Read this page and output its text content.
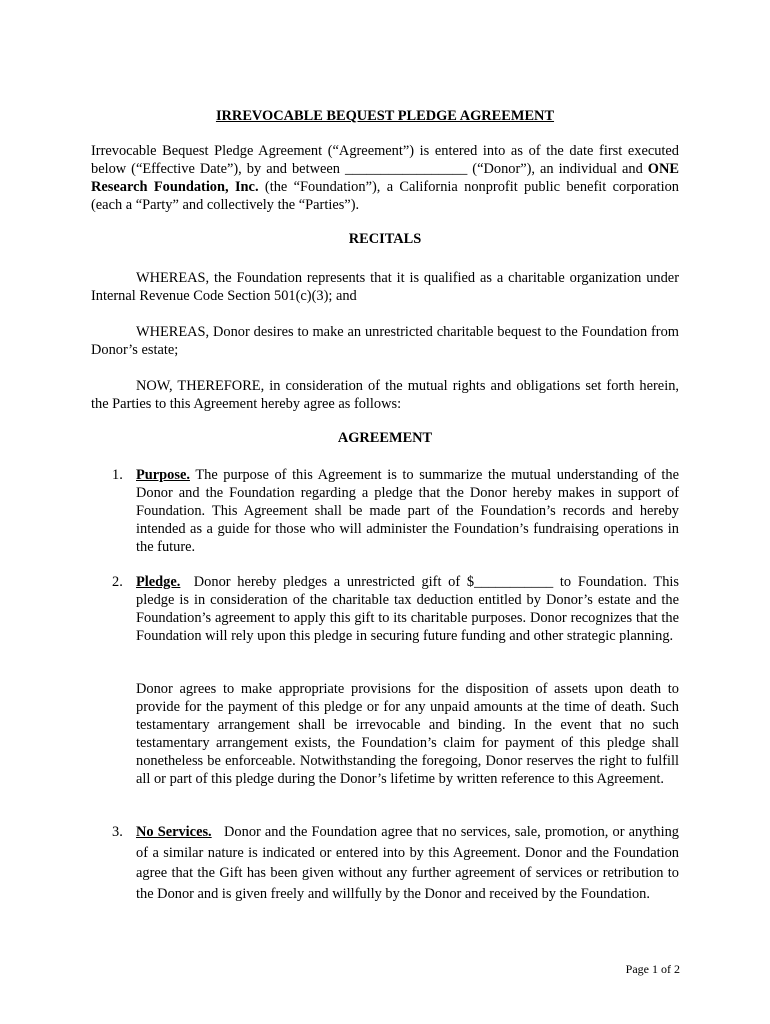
IRREVOCABLE BEQUEST PLEDGE AGREEMENT

Irrevocable Bequest Pledge Agreement (“Agreement”) is entered into as of the date first executed below (“Effective Date”), by and between _________________ (“Donor”), an individual and ONE Research Foundation, Inc. (the “Foundation”), a California nonprofit public benefit corporation (each a “Party” and collectively the “Parties”).

RECITALS

WHEREAS, the Foundation represents that it is qualified as a charitable organization under Internal Revenue Code Section 501(c)(3); and

WHEREAS, Donor desires to make an unrestricted charitable bequest to the Foundation from Donor’s estate;

NOW, THEREFORE, in consideration of the mutual rights and obligations set forth herein, the Parties to this Agreement hereby agree as follows:

AGREEMENT
1. Purpose. The purpose of this Agreement is to summarize the mutual understanding of the Donor and the Foundation regarding a pledge that the Donor hereby makes in support of Foundation. This Agreement shall be made part of the Foundation’s records and hereby intended as a guide for those who will administer the Foundation’s fundraising operations in the future.

2. Pledge. Donor hereby pledges a unrestricted gift of $___________ to Foundation. This pledge is in consideration of the charitable tax deduction entitled by Donor’s estate and the Foundation’s agreement to apply this gift to its charitable purposes. Donor recognizes that the Foundation will rely upon this pledge in securing future funding and other strategic planning.

Donor agrees to make appropriate provisions for the disposition of assets upon death to provide for the payment of this pledge or for any unpaid amounts at the time of death. Such testamentary arrangement shall be irrevocable and binding. In the event that no such testamentary arrangement exists, the Foundation’s claim for payment of this pledge shall nonetheless be enforceable. Notwithstanding the foregoing, Donor reserves the right to fulfill all or part of this pledge during the Donor’s lifetime by written reference to this Agreement.

3. No Services. Donor and the Foundation agree that no services, sale, promotion, or anything of a similar nature is indicated or entered into by this Agreement. Donor and the Foundation agree that the Gift has been given without any further agreement of services or retribution to the Donor and is given freely and willfully by the Donor and received by the Foundation.

Page 1 of 2
